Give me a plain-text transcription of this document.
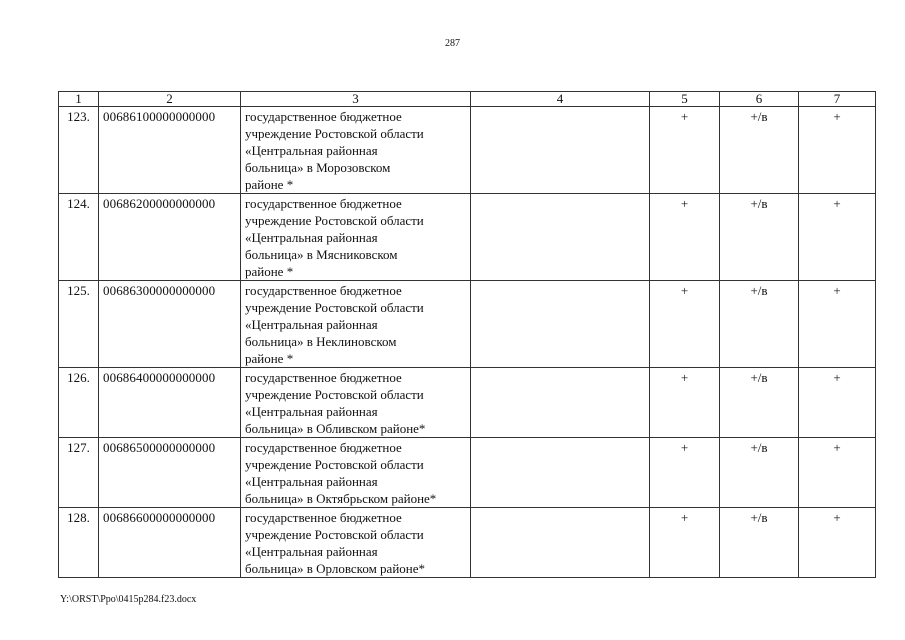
287
1	2	3	4	5	6	7
123.	00686100000000000	государственное бюджетное
учреждение Ростовской области
«Центральная районная
больница» в Морозовском
районе *		+	+/в	+
124.	00686200000000000	государственное бюджетное
учреждение Ростовской области
«Центральная районная
больница» в Мясниковском
районе *		+	+/в	+
125.	00686300000000000	государственное бюджетное
учреждение Ростовской области
«Центральная районная
больница» в Неклиновском
районе *		+	+/в	+
126.	00686400000000000	государственное бюджетное
учреждение Ростовской области
«Центральная районная
больница» в Обливском районе*		+	+/в	+
127.	00686500000000000	государственное бюджетное
учреждение Ростовской области
«Центральная районная
больница» в Октябрьском районе*		+	+/в	+
128.	00686600000000000	государственное бюджетное
учреждение Ростовской области
«Центральная районная
больница» в Орловском районе*		+	+/в	+
Y:\ORST\Ppo\0415p284.f23.docx
